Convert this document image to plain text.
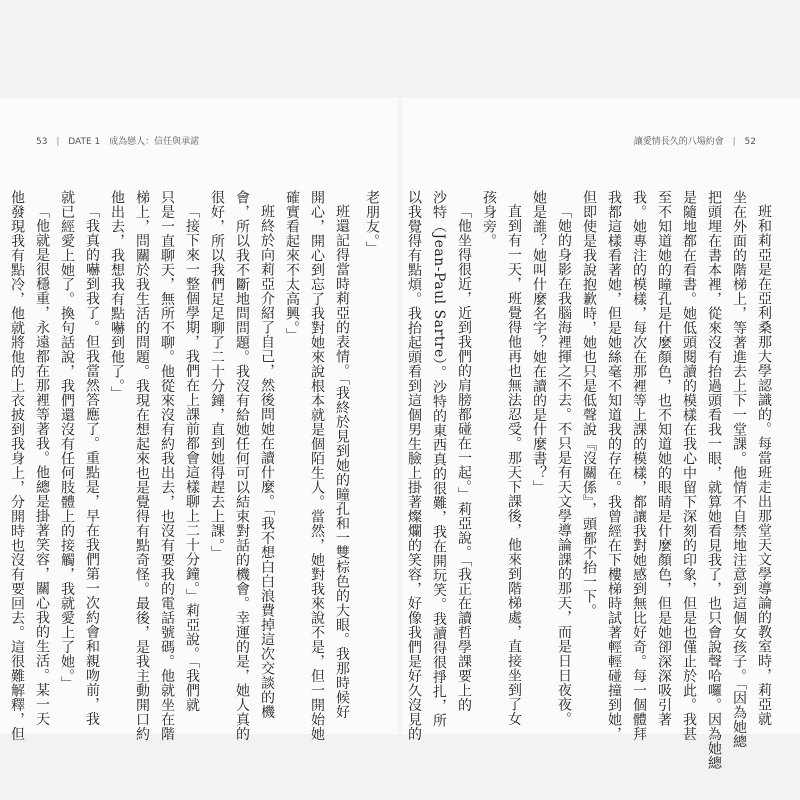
53 | DATE 1 成為戀人：信任與承諾	讓愛情長久的八場約會 | 52
老朋友。」
班還記得當時莉亞的表情。「我終於見到她的瞳孔和一雙棕色的大眼。我那時候好
開心，開心到忘了我對她來說根本就是個陌生人。當然，她對我來說不是，但一開始她
確實看起來不太高興。」
班終於向莉亞介紹了自己，然後問她在讀什麼。「我不想白白浪費掉這次交談的機
會，所以我不斷地問問題。我沒有給她任何可以結束對話的機會。幸運的是，她人真的
很好，所以我們足足聊了二十分鐘，直到她得趕去上課。」
「接下來一整個學期，我們在上課前都會這樣聊上二十分鐘。」莉亞說。「我們就
只是一直聊天，無所不聊。他從來沒有約我出去，也沒有要我的電話號碼。他就坐在階
梯上，問關於我生活的問題。我現在想起來也是覺得有點奇怪。最後，是我主動開口約
他出去，我想我有點嚇到他了。」
「我真的嚇到我了。但我當然答應了。重點是，早在我們第一次約會和親吻前，我
就已經愛上她了。換句話說，我們還沒有任何肢體上的接觸，我就愛上了她。」
「他就是很穩重，永遠都在那裡等著我。他總是掛著笑容，關心我的生活。某一天
他發現我有點冷，他就將他的上衣披到我身上，分開時也沒有要回去。這很難解釋，但	班和莉亞是在亞利桑那大學認識的。每當班走出那堂天文學導論的教室時，莉亞就
坐在外面的階梯上，等著進去上下一堂課。他情不自禁地注意到這個女孩子。「因為她總
把頭埋在書本裡，從來沒有抬過頭看我一眼，就算她看見我了，也只會說聲哈囉。因為她總
是隨地都在看書。她低頭閱讀的模樣在我心中留下深刻的印象，但是也僅止於此。我甚
至不知道她的瞳孔是什麼顏色，也不知道她的眼睛是什麼顏色，但是她卻深深吸引著
我。她專注的模樣，每次在那裡等上課的模樣，都讓我對她感到無比好奇。每一個體拜
我都這樣看著她，但是她絲毫不知道我的存在。我曾經在下樓梯時試著輕輕碰撞到她，
但即使是我說抱歉時，她也只是低聲說『沒關係』，頭都不抬一下。
「她的身影在我腦海裡揮之不去。不只是有天文學導論課的那天，而是日日夜夜。
她是誰？她叫什麼名字？她在讀的是什麼書？」
直到有一天，班覺得他再也無法忍受。那天下課後，他來到階梯處，直接坐到了女
孩身旁。
「他坐得很近，近到我們的肩膀都碰在一起。」莉亞說。「我正在讀哲學課要上的
沙特（Jean-Paul Sartre）。沙特的東西真的很難，我在開玩笑。我讀得很掙扎，所
以我覺得有點煩。我抬起頭看到這個男生臉上掛著燦爛的笑容，好像我們是好久沒見的
